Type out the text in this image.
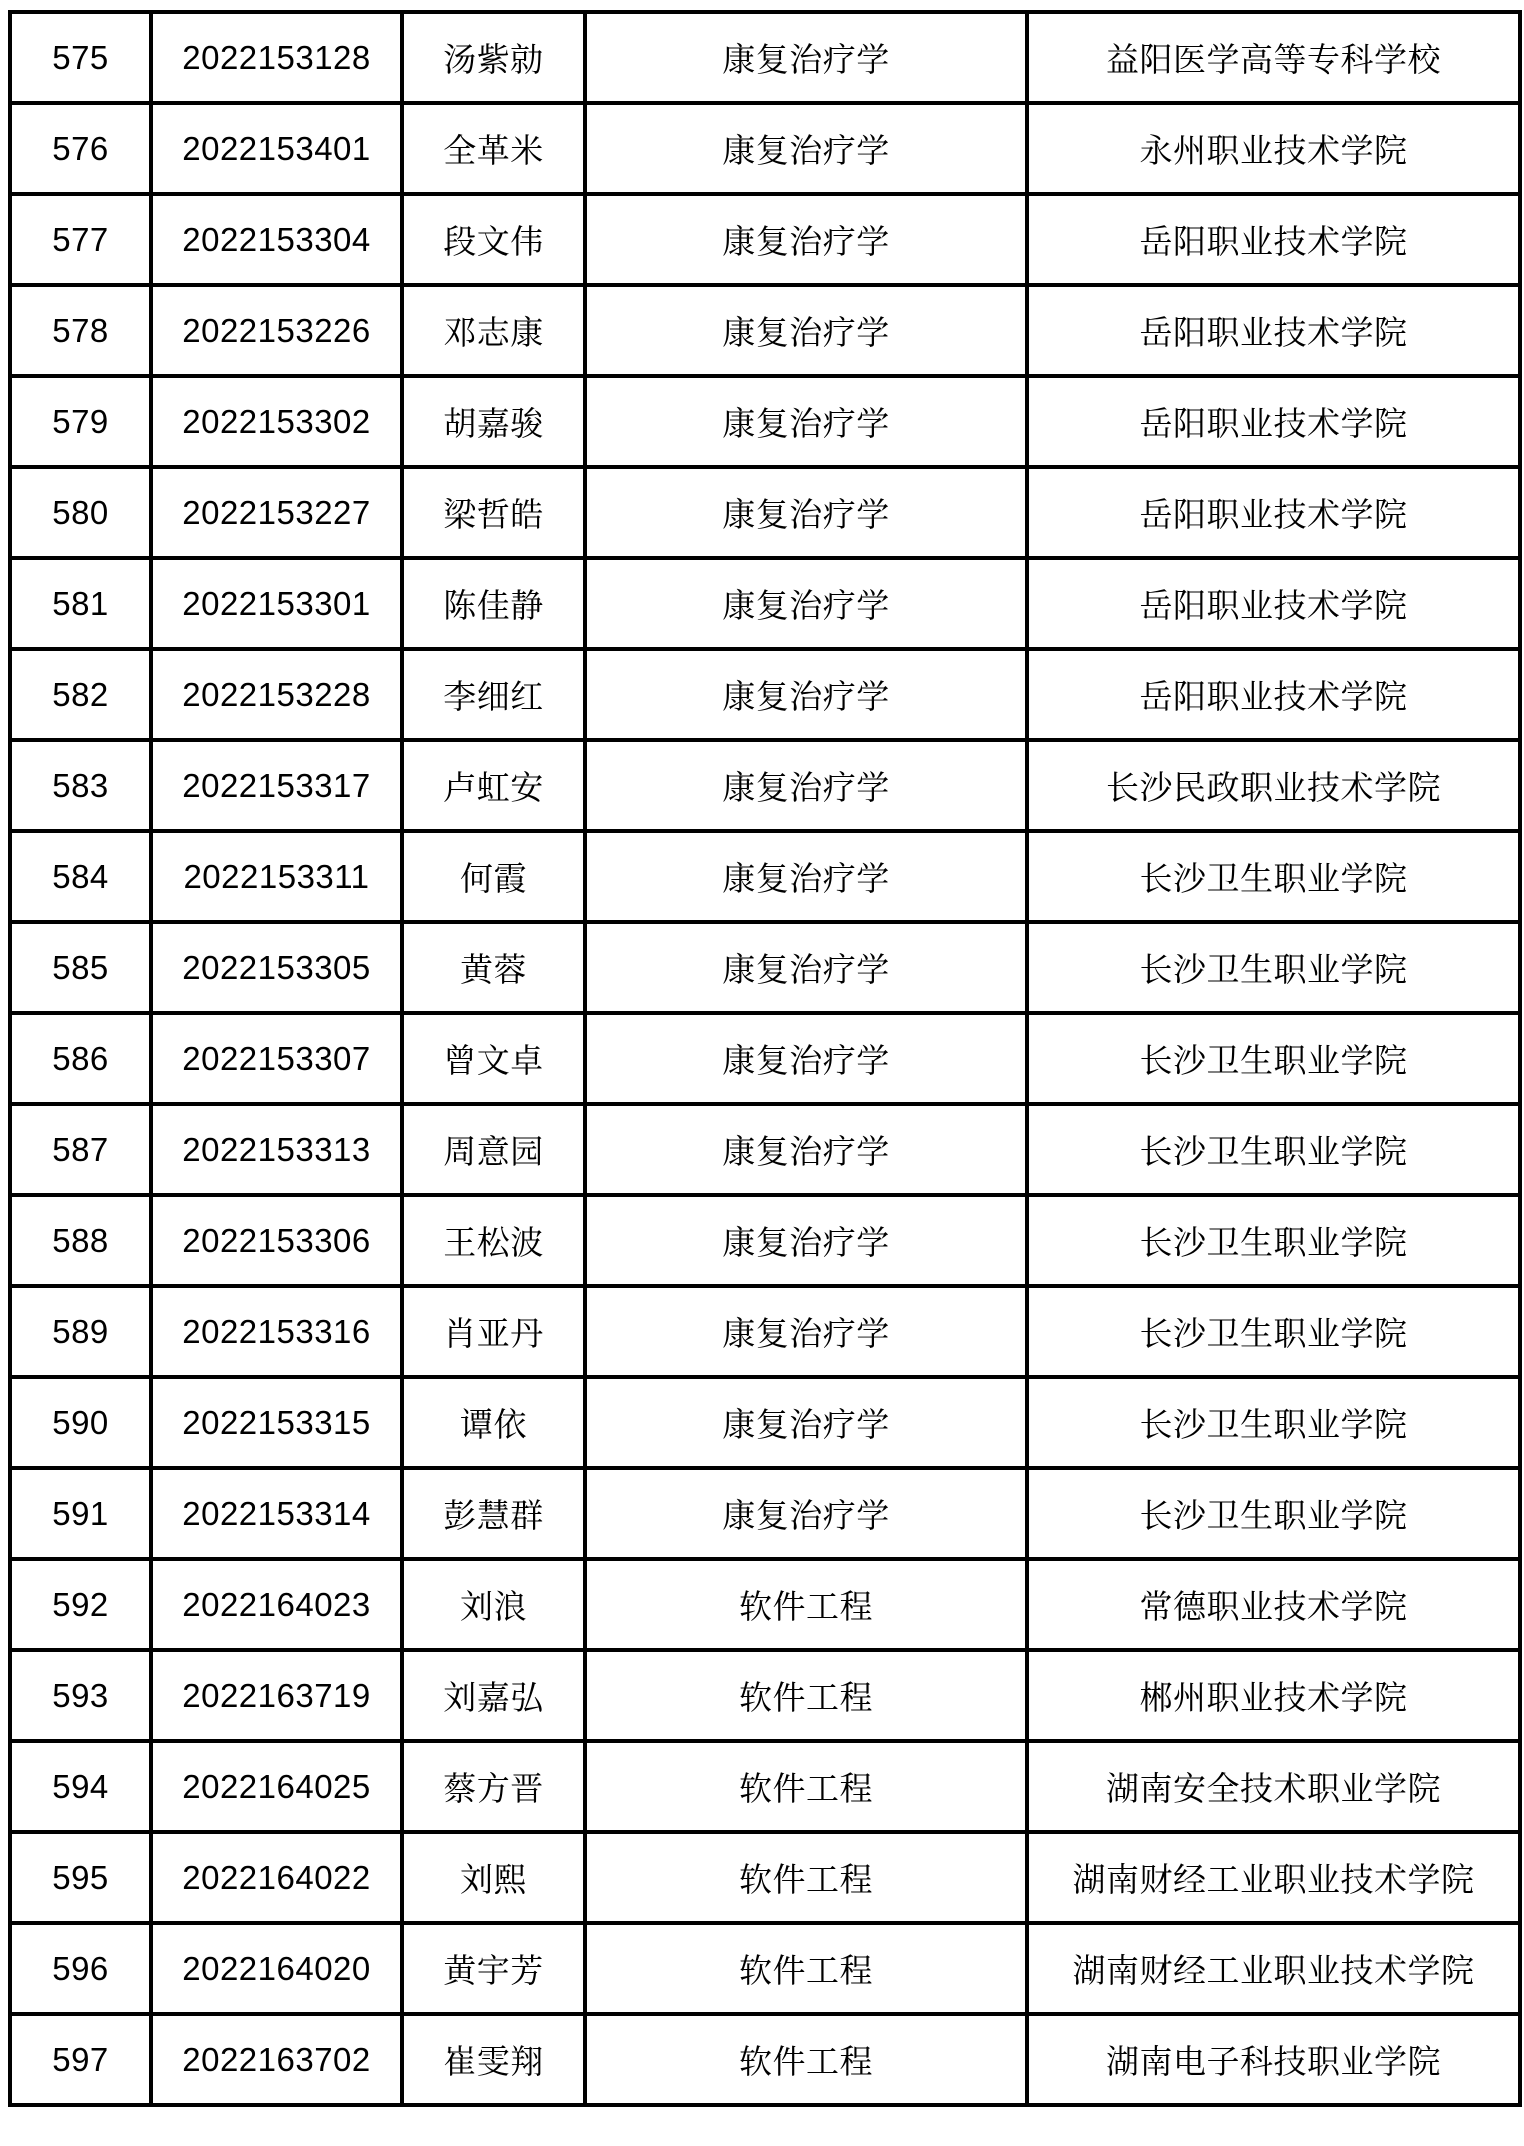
575	2022153128	汤紫勍	康复治疗学	益阳医学高等专科学校
576	2022153401	全革米	康复治疗学	永州职业技术学院
577	2022153304	段文伟	康复治疗学	岳阳职业技术学院
578	2022153226	邓志康	康复治疗学	岳阳职业技术学院
579	2022153302	胡嘉骏	康复治疗学	岳阳职业技术学院
580	2022153227	梁哲皓	康复治疗学	岳阳职业技术学院
581	2022153301	陈佳静	康复治疗学	岳阳职业技术学院
582	2022153228	李细红	康复治疗学	岳阳职业技术学院
583	2022153317	卢虹安	康复治疗学	长沙民政职业技术学院
584	2022153311	何霞	康复治疗学	长沙卫生职业学院
585	2022153305	黄蓉	康复治疗学	长沙卫生职业学院
586	2022153307	曾文卓	康复治疗学	长沙卫生职业学院
587	2022153313	周意园	康复治疗学	长沙卫生职业学院
588	2022153306	王松波	康复治疗学	长沙卫生职业学院
589	2022153316	肖亚丹	康复治疗学	长沙卫生职业学院
590	2022153315	谭依	康复治疗学	长沙卫生职业学院
591	2022153314	彭慧群	康复治疗学	长沙卫生职业学院
592	2022164023	刘浪	软件工程	常德职业技术学院
593	2022163719	刘嘉弘	软件工程	郴州职业技术学院
594	2022164025	蔡方晋	软件工程	湖南安全技术职业学院
595	2022164022	刘熙	软件工程	湖南财经工业职业技术学院
596	2022164020	黄宇芳	软件工程	湖南财经工业职业技术学院
597	2022163702	崔雯翔	软件工程	湖南电子科技职业学院
